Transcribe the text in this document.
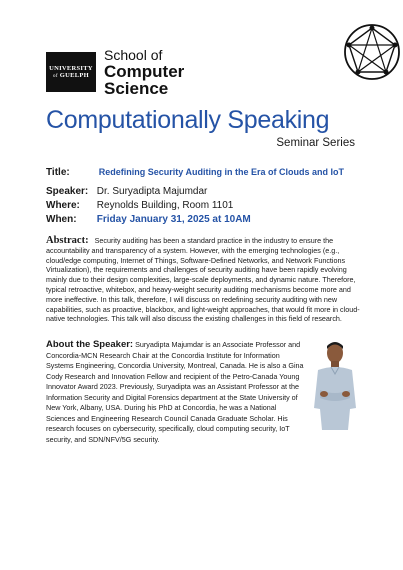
UNIVERSITY
of GUELPH
School of
Computer
Science
Computationally Speaking
Seminar Series
Title:	Redefining Security Auditing in the Era of Clouds and IoT
Speaker: Dr. Suryadipta Majumdar
Where: Reynolds Building, Room 1101
When: Friday January 31, 2025 at 10AM
Abstract: Security auditing has been a standard practice in the industry to ensure the accountability and transparency of a system. However, with the emerging technologies (e.g., cloud/edge computing, Internet of Things, Software-Defined Networks, and Network Functions Virtualization), the requirements and challenges of security auditing have been rapidly evolving mainly due to their design complexities, large-scale deployments, and dynamic nature. Therefore, typical retroactive, whitebox, and heavy-weight security auditing mechanisms become more and more ineffective. In this talk, therefore, I will discuss on redefining security auditing with new capabilities, such as proactive, blackbox, and light-weight approaches, that would fit more in cloud-native technologies. This talk will also discuss the existing challenges in this field of research.
About the Speaker: Suryadipta Majumdar is an Associate Professor and Concordia-MCN Research Chair at the Concordia Institute for Information Systems Engineering, Concordia University, Montreal, Canada. He is also a Gina Cody Research and Innovation Fellow and recipient of the Petro-Canada Young Innovator Award 2023. Previously, Suryadipta was an Assistant Professor at the Information Security and Digital Forensics department at the State University of New York, Albany, USA. During his PhD at Concordia, he was a National Sciences and Engineering Research Council Canada Graduate Scholar. His research focuses on cybersecurity, specifically, cloud computing security, IoT security, and SDN/NFV/5G security.
